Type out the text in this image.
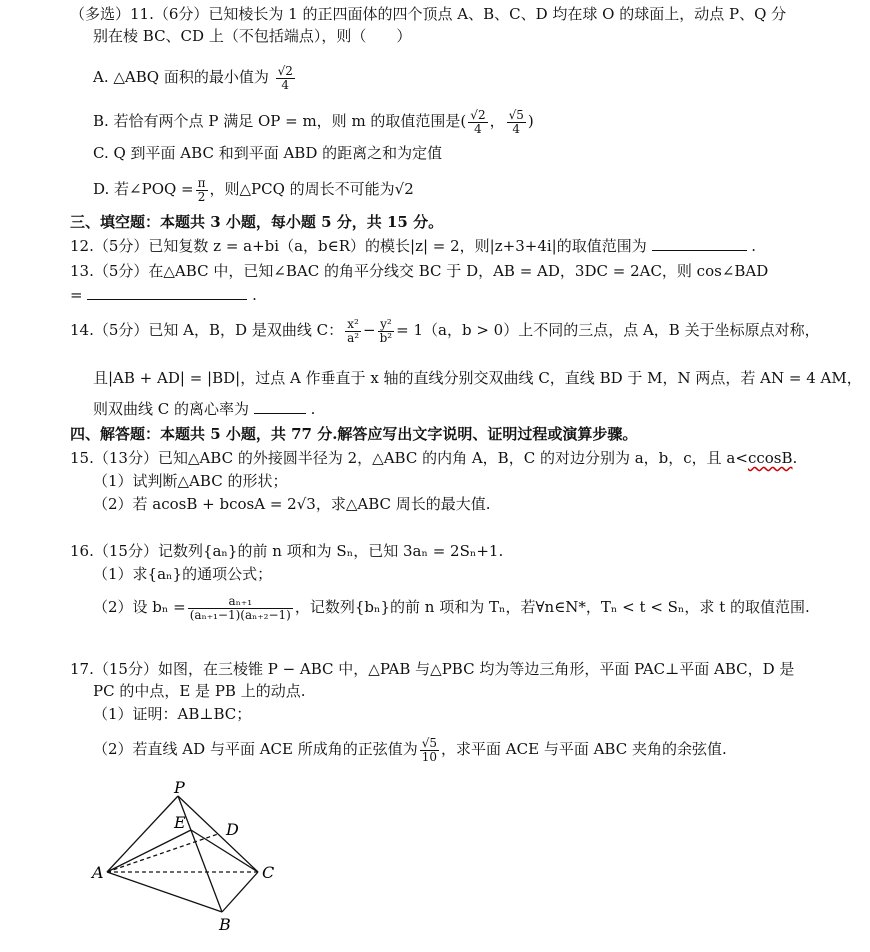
（多选）11.（6分）已知棱长为 1 的正四面体的四个顶点 A、B、C、D 均在球 O 的球面上，动点 P、Q 分
别在棱 BC、CD 上（不包括端点），则（　　）
A. △ABQ 面积的最小值为 $\frac{√2}{4}$
B. 若恰有两个点 P 满足 OP = m，则 m 的取值范围是( $\frac{√2}{4}$ ， $\frac{√5}{4}$ )
C. Q 到平面 ABC 和到平面 ABD 的距离之和为定值
D. 若∠POQ = $\frac{\pi}{2}$ ，则△PCQ 的周长不可能为√2
三、填空题：本题共 3 小题，每小题 5 分，共 15 分。
12.（5分）已知复数 z = a+bi（a，b∈R）的模长|z| = 2，则|z+3+4i|的取值范围为	.
13.（5分）在△ABC 中，已知∠BAC 的角平分线交 BC 于 D，AB = AD，3DC = 2AC，则 cos∠BAD
=	.
14.（5分）已知 A，B，D 是双曲线 C： $\frac{\text{x²}}{\text{a²}} - \frac{\text{y²}}{\text{b²}} = 1(a$，b > 0）上不同的三点，点 A，B 关于坐标原点对称，
且|AB + AD| = |BD|，过点 A 作垂直于 x 轴的直线分别交双曲线 C，直线 BD 于 M，N 两点，若 AN = 4 AM，
则双曲线 C 的离心率为	.
四、解答题：本题共 5 小题，共 77 分.解答应写出文字说明、证明过程或演算步骤。
15.（13分）已知△ABC 的外接圆半径为 2，△ABC 的内角 A，B，C 的对边分别为 a，b，c，且 a<ccosB.
（1）试判断△ABC 的形状；
（2）若 acosB + bcosA = 2√3，求△ABC 周长的最大值.
16.（15分）记数列{aₙ}的前 n 项和为 Sₙ，已知 3aₙ = 2Sₙ+1.
（1）求{aₙ}的通项公式；
（2）设 $b_n = \frac{\text{aₙ₊₁}}{\text{(aₙ₊₁−1)(aₙ₊₂−1)}}$ ，记数列{bₙ}的前 n 项和为 Tₙ，若∀n∈N*，Tₙ < t < Sₙ，求 t 的取值范围.
17.（15分）如图，在三棱锥 P − ABC 中，△PAB 与△PBC 均为等边三角形，平面 PAC⊥平面 ABC，D 是
PC 的中点，E 是 PB 上的动点.
（1）证明：AB⊥BC；
（2）若直线 AD 与平面 ACE 所成角的正弦值为 $\frac{√5}{10}$ ，求平面 ACE 与平面 ABC 夹角的余弦值.
P
E	D
A	C
B
